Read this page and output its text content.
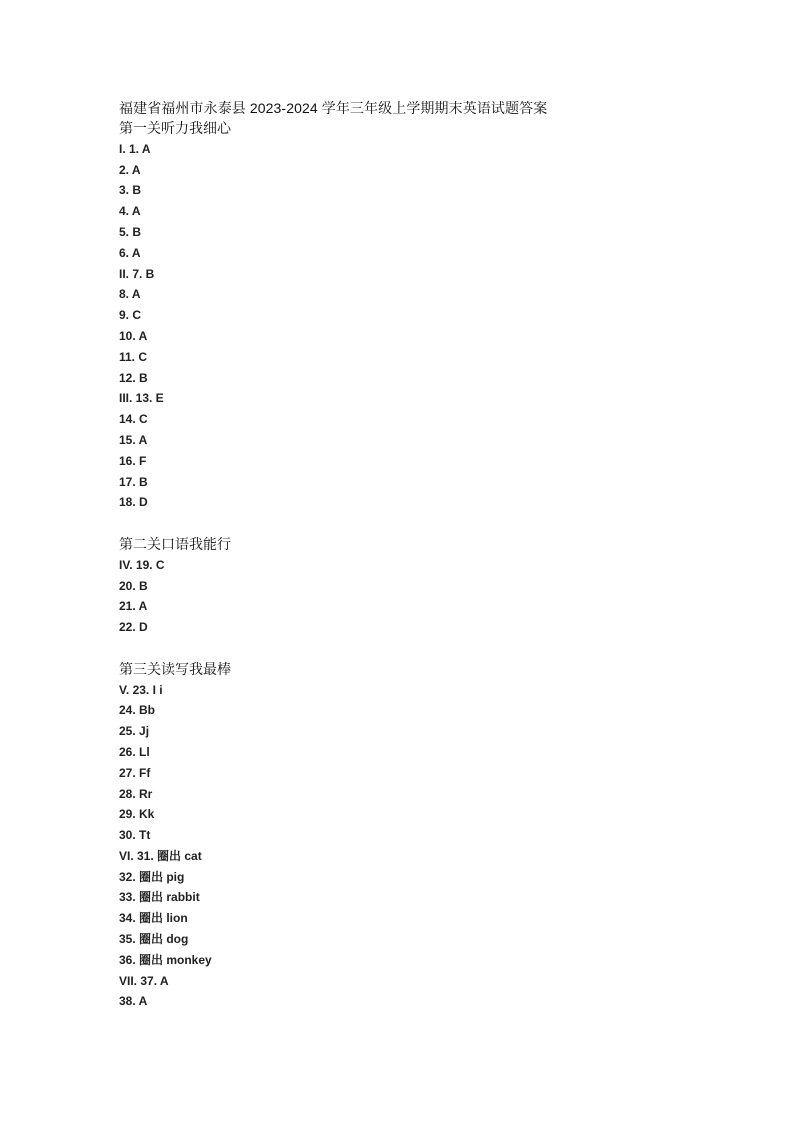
福建省福州市永泰县 2023-2024 学年三年级上学期期末英语试题答案
第一关听力我细心
I. 1. A
2. A
3. B
4. A
5. B
6. A
II. 7. B
8. A
9. C
10. A
11. C
12. B
III. 13. E
14. C
15. A
16. F
17. B
18. D
第二关口语我能行
IV. 19. C
20. B
21. A
22. D
第三关读写我最棒
V. 23. I i
24. Bb
25. Jj
26. Ll
27. Ff
28. Rr
29. Kk
30. Tt
VI. 31. 圈出 cat
32. 圈出 pig
33. 圈出 rabbit
34. 圈出 lion
35. 圈出 dog
36. 圈出 monkey
VII. 37. A
38. A
